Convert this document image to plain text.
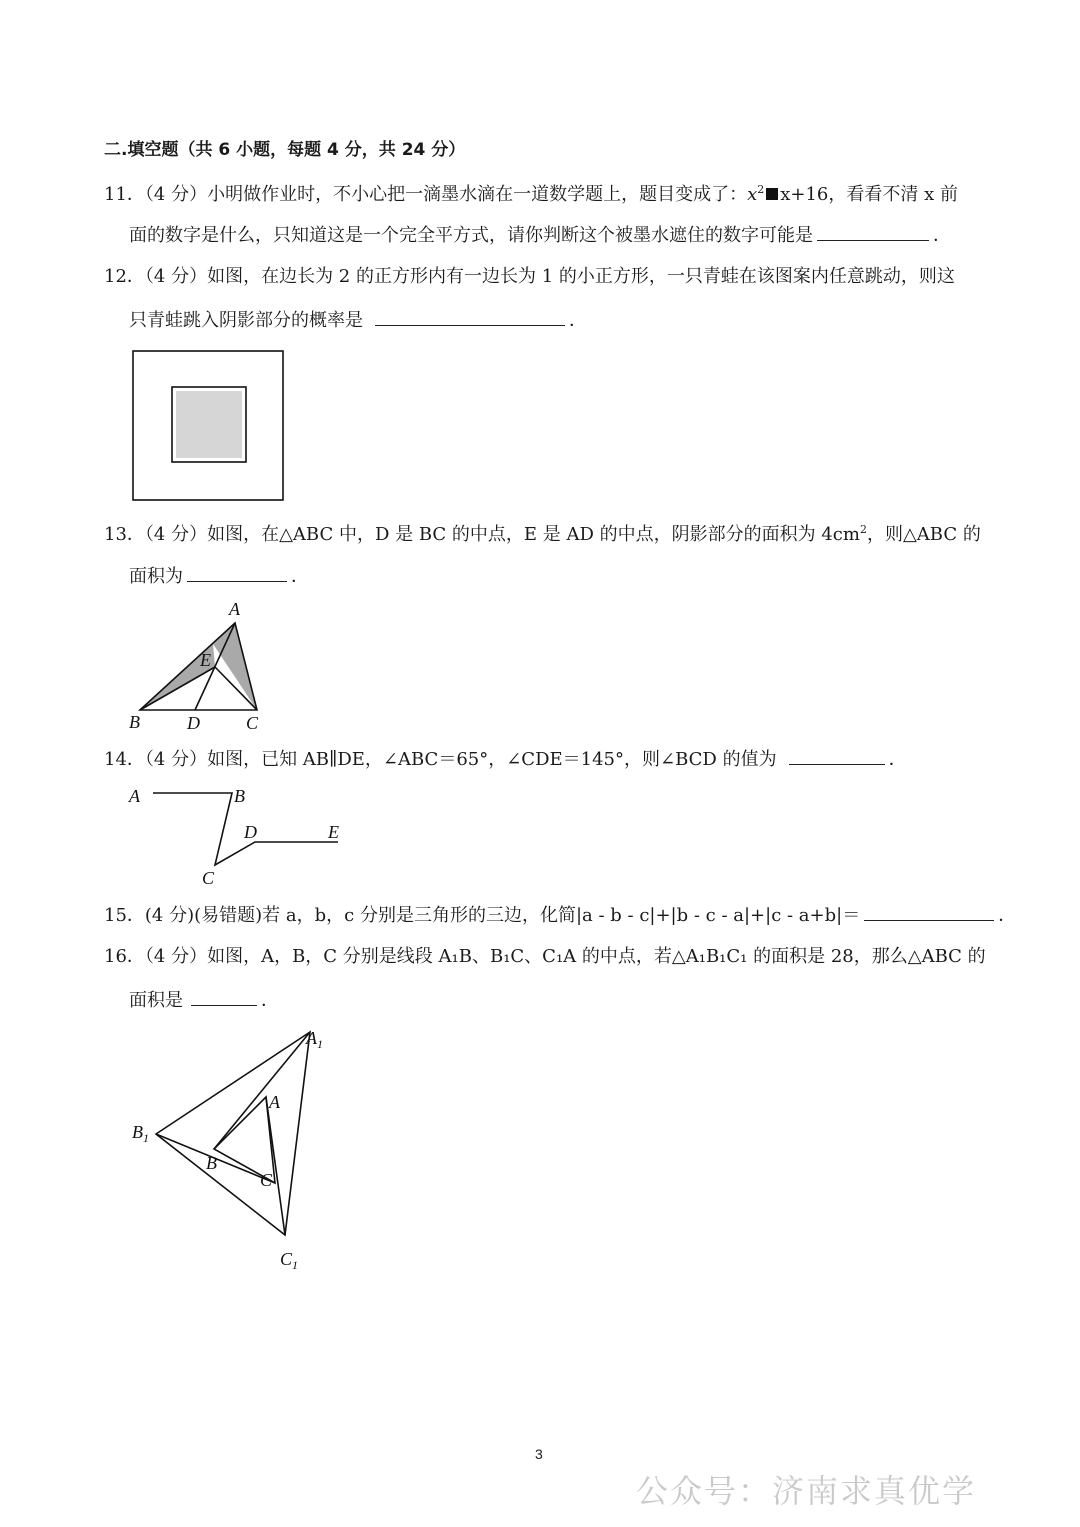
二.填空题（共 6 小题，每题 4 分，共 24 分）
11．（4 分）小明做作业时，不小心把一滴墨水滴在一道数学题上，题目变成了：$x^2$ x+16，看看不清 x 前
面的数字是什么，只知道这是一个完全平方式，请你判断这个被墨水遮住的数字可能是	．
12．（4 分）如图，在边长为 2 的正方形内有一边长为 1 的小正方形，一只青蛙在该图案内任意跳动，则这
只青蛙跳入阴影部分的概率是	．
13．（4 分）如图，在△ABC 中，D 是 BC 的中点，E 是 AD 的中点，阴影部分的面积为 $4cm^2$，则△ABC 的
面积为	．
A
E
B	D	C
14．（4 分）如图，已知 AB∥DE，∠ABC＝65°，∠CDE＝145°，则∠BCD 的值为	．
A	B
D	E
C
15．(4 分)(易错题)若 a，b，c 分别是三角形的三边，化简|a - b - c|+|b - c - a|+|c - a+b|＝	．
16．（4 分）如图，A，B，C 分别是线段 A₁B、B₁C、C₁A 的中点，若△A₁B₁C₁ 的面积是 28，那么△ABC 的
面积是	．
$A_1$
$B_1$
$C_1$
A
B
C
3
公众号：济南求真优学
